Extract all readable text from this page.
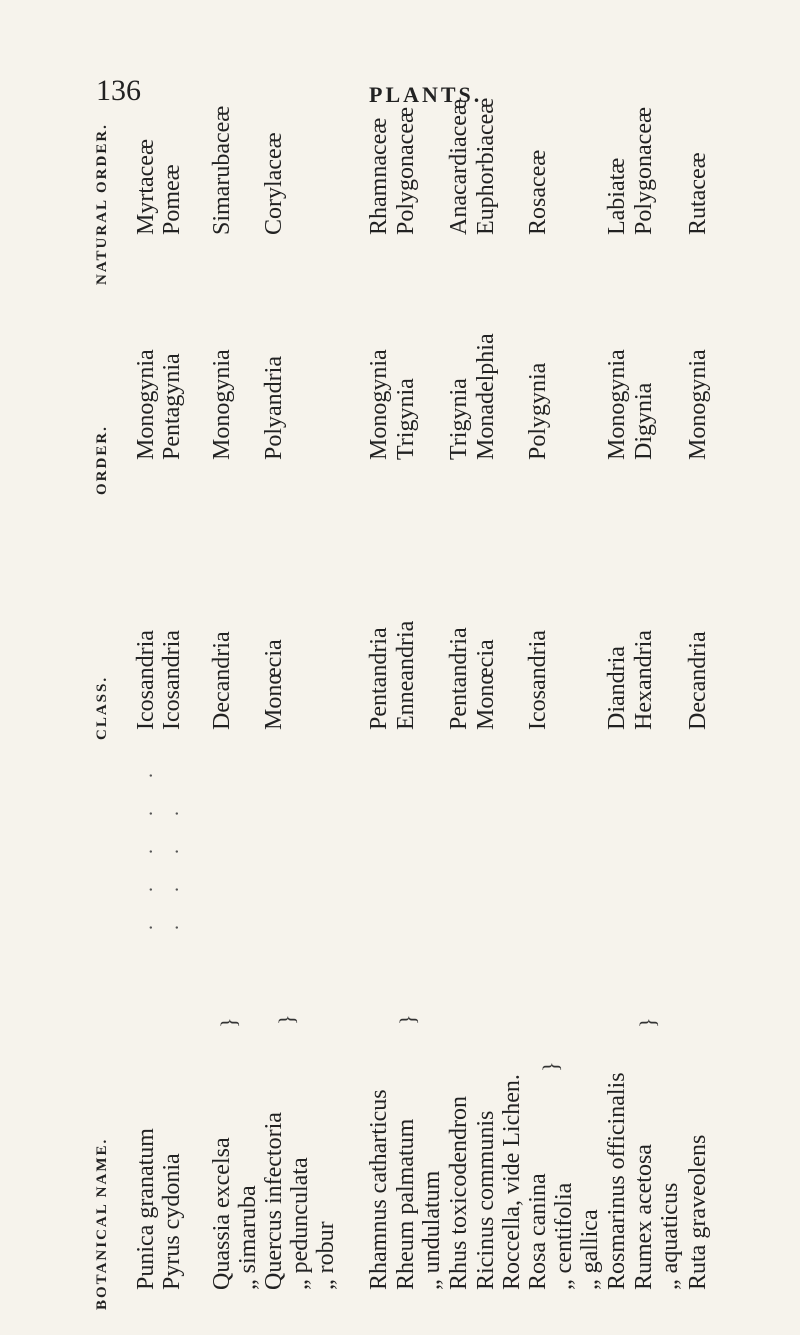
136	PLANTS.
BOTANICAL NAME.
CLASS.
ORDER.
NATURAL ORDER.
Punica granatum
. . . . .
Icosandria
Monogynia
Myrtaceæ
Pyrus cydonia
. . . .
Icosandria
Pentagynia
Pomeæ
Quassia excelsa
Decandria
Monogynia
Simarubaceæ
„ simaruba
}
Quercus infectoria
Monœcia
Polyandria
Corylaceæ
„ pedunculata „ robur
}
Rhamnus catharticus
Pentandria
Monogynia
Rhamnaceæ
Rheum palmatum
Enneandria
Trigynia
Polygonaceæ
„ undulatum
}
Rhus toxicodendron
Pentandria
Trigynia
Anacardiaceæ
Ricinus communis
Monœcia
Monadelphia
Euphorbiaceæ
Roccella, vide Lichen. Rosa canina
Icosandria
Polygynia
Rosaceæ
„ centifolia „ gallica
}
Rosmarinus officinalis
Diandria
Monogynia
Labiatæ
Rumex acetosa
Hexandria
Digynia
Polygonaceæ
„ aquaticus
}
Ruta graveolens
Decandria
Monogynia
Rutaceæ
